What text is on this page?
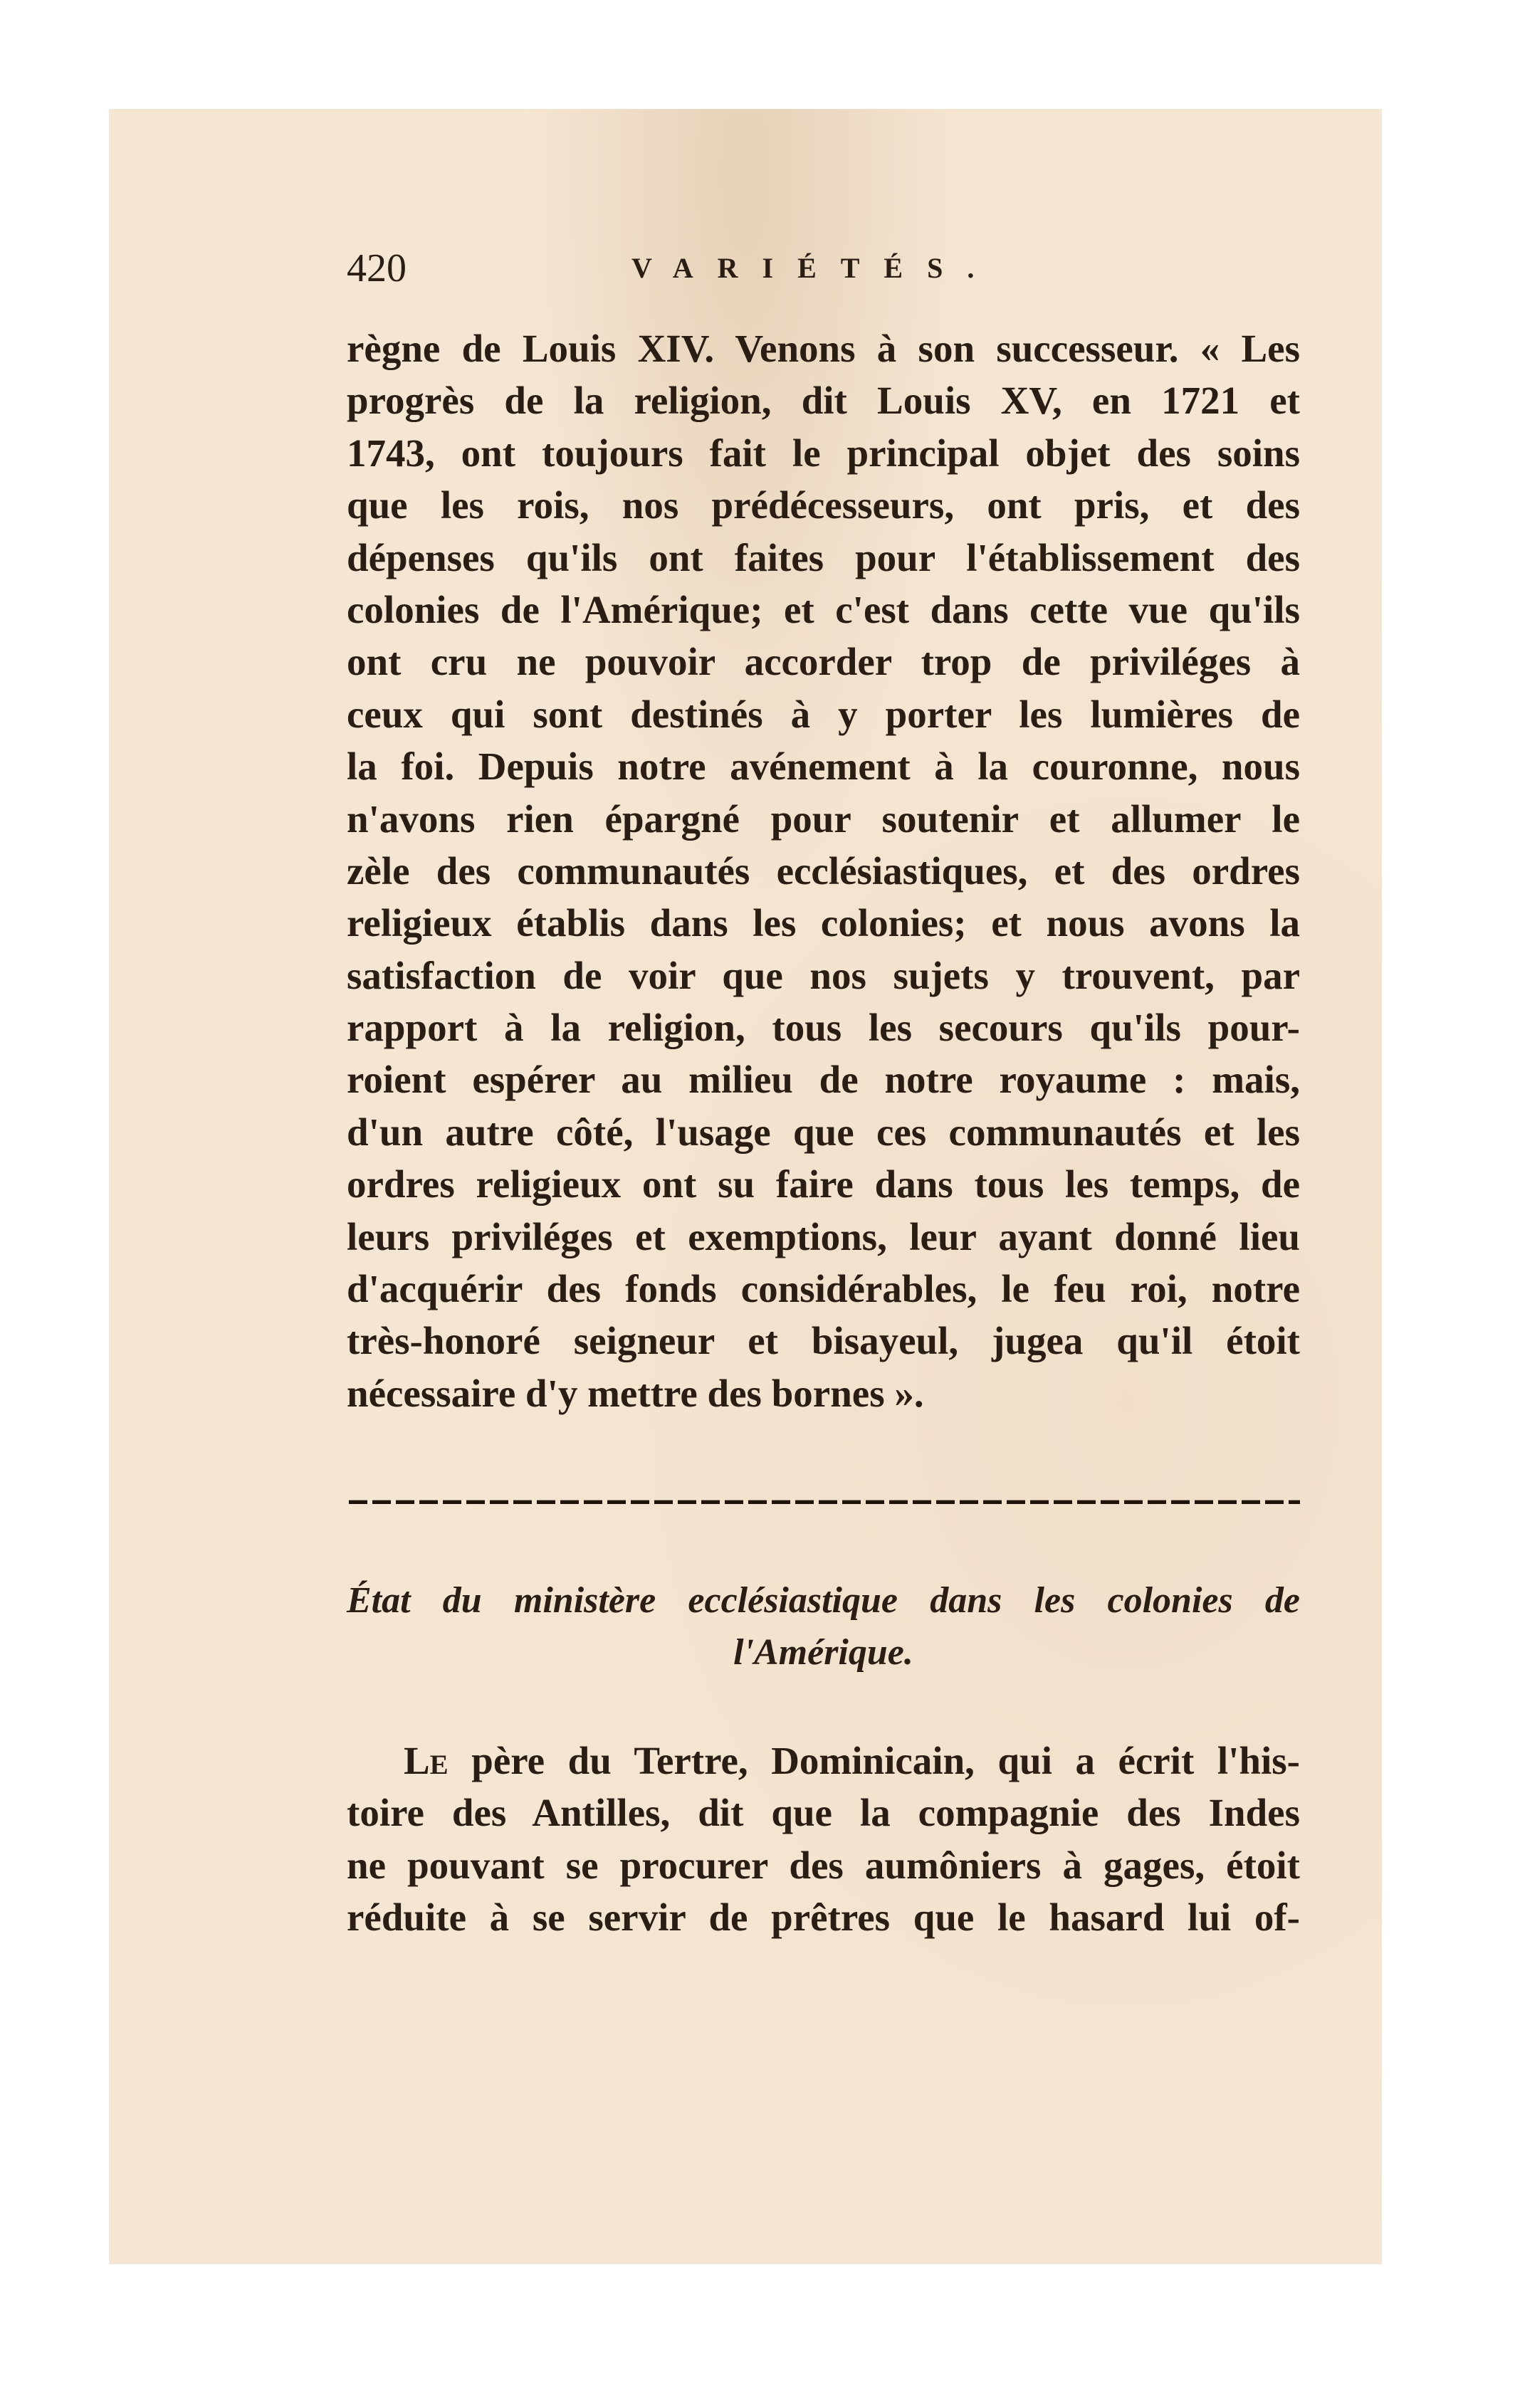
420	VARIÉTÉS.
règne de Louis XIV. Venons à son successeur. « Les
progrès de la religion, dit Louis XV, en 1721 et
1743, ont toujours fait le principal objet des soins
que les rois, nos prédécesseurs, ont pris, et des
dépenses qu'ils ont faites pour l'établissement des
colonies de l'Amérique; et c'est dans cette vue qu'ils
ont cru ne pouvoir accorder trop de priviléges à
ceux qui sont destinés à y porter les lumières de
la foi. Depuis notre avénement à la couronne, nous
n'avons rien épargné pour soutenir et allumer le
zèle des communautés ecclésiastiques, et des ordres
religieux établis dans les colonies; et nous avons la
satisfaction de voir que nos sujets y trouvent, par
rapport à la religion, tous les secours qu'ils pour-
roient espérer au milieu de notre royaume : mais,
d'un autre côté, l'usage que ces communautés et les
ordres religieux ont su faire dans tous les temps, de
leurs priviléges et exemptions, leur ayant donné lieu
d'acquérir des fonds considérables, le feu roi, notre
très-honoré seigneur et bisayeul, jugea qu'il étoit
nécessaire d'y mettre des bornes ».
État du ministère ecclésiastique dans les colonies de
l'Amérique.
Le père du Tertre, Dominicain, qui a écrit l'his-
toire des Antilles, dit que la compagnie des Indes
ne pouvant se procurer des aumôniers à gages, étoit
réduite à se servir de prêtres que le hasard lui of-
